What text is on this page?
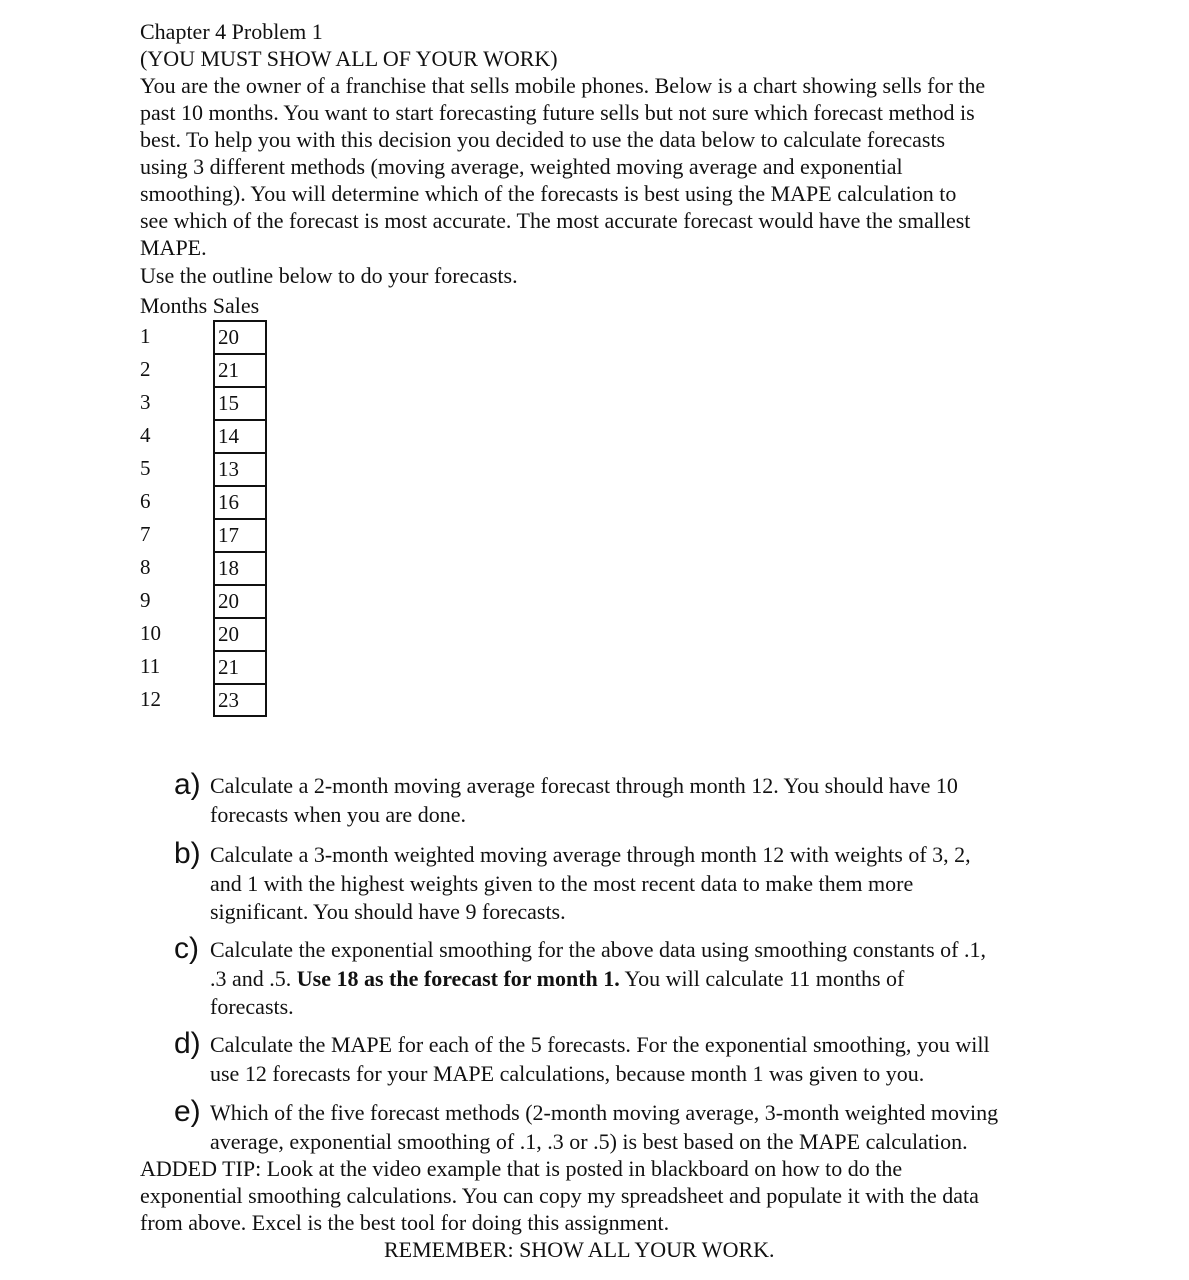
Chapter 4 Problem 1

(YOU MUST SHOW ALL OF YOUR WORK)

You are the owner of a franchise that sells mobile phones. Below is a chart showing sells for the

past 10 months. You want to start forecasting future sells but not sure which forecast method is

best. To help you with this decision you decided to use the data below to calculate forecasts

using 3 different methods (moving average, weighted moving average and exponential

smoothing). You will determine which of the forecasts is best using the MAPE calculation to

see which of the forecast is most accurate. The most accurate forecast would have the smallest

MAPE.

Use the outline below to do your forecasts.

Months Sales
1	20
2	21
3	15
4	14
5	13
6	16
7	17
8	18
9	20
10	20
11	21
12	23
a) Calculate a 2-month moving average forecast through month 12. You should have 10
forecasts when you are done.
b) Calculate a 3-month weighted moving average through month 12 with weights of 3, 2,
and 1 with the highest weights given to the most recent data to make them more
significant. You should have 9 forecasts.
c) Calculate the exponential smoothing for the above data using smoothing constants of .1,
.3 and .5. Use 18 as the forecast for month 1. You will calculate 11 months of
forecasts.
d) Calculate the MAPE for each of the 5 forecasts. For the exponential smoothing, you will
use 12 forecasts for your MAPE calculations, because month 1 was given to you.
e) Which of the five forecast methods (2-month moving average, 3-month weighted moving
average, exponential smoothing of .1, .3 or .5) is best based on the MAPE calculation.

ADDED TIP: Look at the video example that is posted in blackboard on how to do the

exponential smoothing calculations. You can copy my spreadsheet and populate it with the data

from above. Excel is the best tool for doing this assignment.

REMEMBER: SHOW ALL YOUR WORK.
